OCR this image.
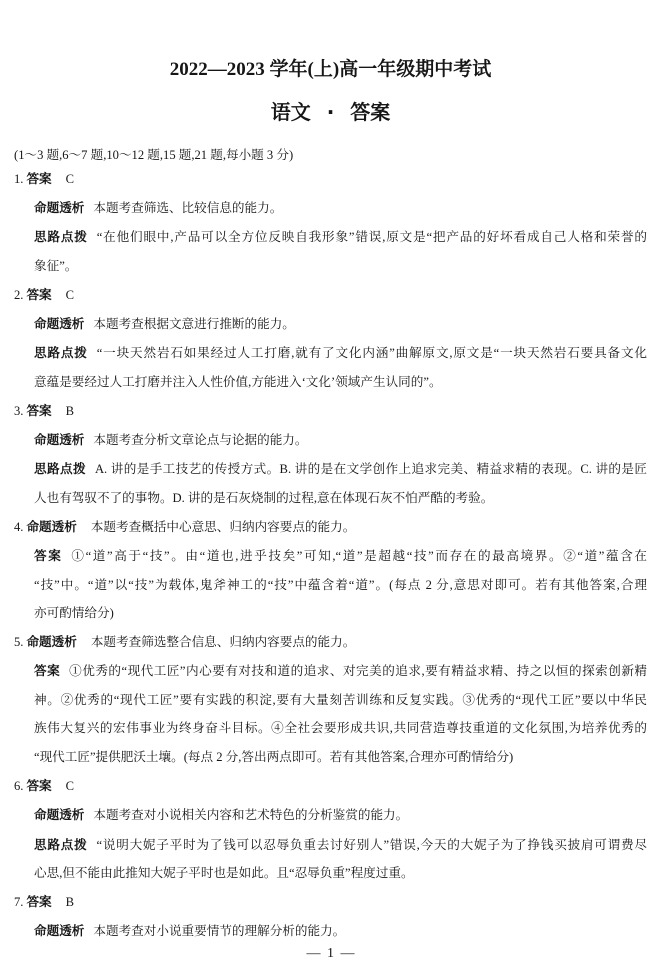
2022—2023 学年(上)高一年级期中考试
语文 · 答案
(1～3 题,6～7 题,10～12 题,15 题,21 题,每小题 3 分)
1. 答案 C
命题透析 本题考查筛选、比较信息的能力。
思路点拨 “在他们眼中,产品可以全方位反映自我形象”错误,原文是“把产品的好坏看成自己人格和荣誉的
象征”。
2. 答案 C
命题透析 本题考查根据文意进行推断的能力。
思路点拨 “一块天然岩石如果经过人工打磨,就有了文化内涵”曲解原文,原文是“一块天然岩石要具备文化
意蕴是要经过人工打磨并注入人性价值,方能进入‘文化’领域产生认同的”。
3. 答案 B
命题透析 本题考查分析文章论点与论据的能力。
思路点拨 A. 讲的是手工技艺的传授方式。B. 讲的是在文学创作上追求完美、精益求精的表现。C. 讲的是匠
人也有驾驭不了的事物。D. 讲的是石灰烧制的过程,意在体现石灰不怕严酷的考验。
4. 命题透析 本题考查概括中心意思、归纳内容要点的能力。
答案 ①“道”高于“技”。由“道也,进乎技矣”可知,“道”是超越“技”而存在的最高境界。②“道”蕴含在
“技”中。“道”以“技”为载体,鬼斧神工的“技”中蕴含着“道”。(每点 2 分,意思对即可。若有其他答案,合理
亦可酌情给分)
5. 命题透析 本题考查筛选整合信息、归纳内容要点的能力。
答案 ①优秀的“现代工匠”内心要有对技和道的追求、对完美的追求,要有精益求精、持之以恒的探索创新精
神。②优秀的“现代工匠”要有实践的积淀,要有大量刻苦训练和反复实践。③优秀的“现代工匠”要以中华民
族伟大复兴的宏伟事业为终身奋斗目标。④全社会要形成共识,共同营造尊技重道的文化氛围,为培养优秀的
“现代工匠”提供肥沃土壤。(每点 2 分,答出两点即可。若有其他答案,合理亦可酌情给分)
6. 答案 C
命题透析 本题考查对小说相关内容和艺术特色的分析鉴赏的能力。
思路点拨 “说明大妮子平时为了钱可以忍辱负重去讨好别人”错误,今天的大妮子为了挣钱买披肩可谓费尽
心思,但不能由此推知大妮子平时也是如此。且“忍辱负重”程度过重。
7. 答案 B
命题透析 本题考查对小说重要情节的理解分析的能力。
— 1 —
